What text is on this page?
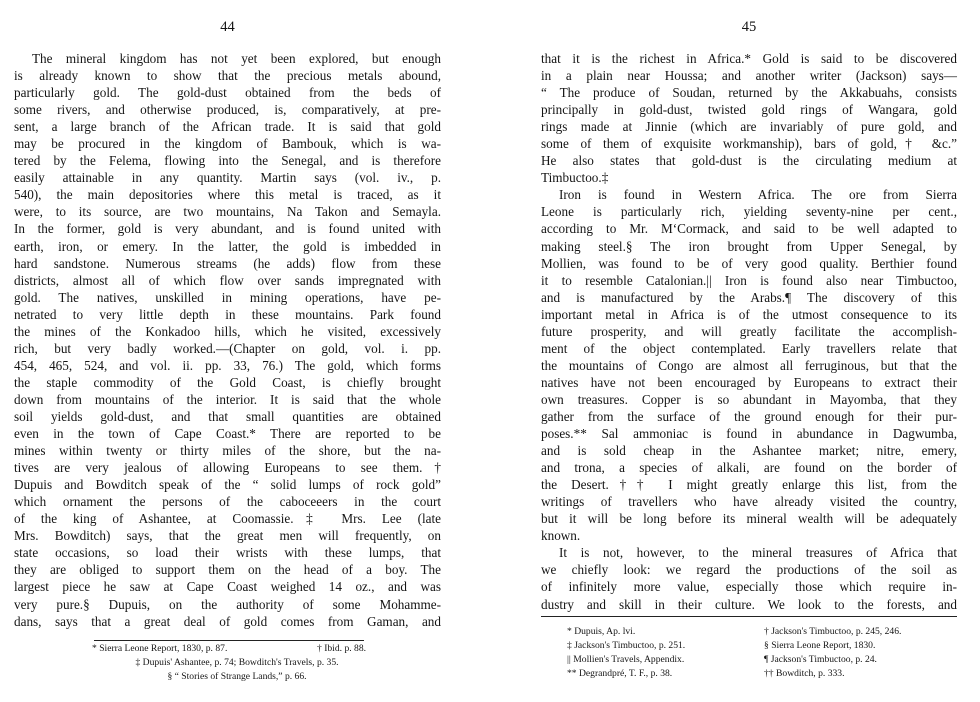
44
The mineral kingdom has not yet been explored, but enough
is already known to show that the precious metals abound,
particularly gold. The gold-dust obtained from the beds of
some rivers, and otherwise produced, is, comparatively, at pre-
sent, a large branch of the African trade. It is said that gold
may be procured in the kingdom of Bambouk, which is wa-
tered by the Felema, flowing into the Senegal, and is therefore
easily attainable in any quantity. Martin says (vol. iv., p.
540), the main depositories where this metal is traced, as it
were, to its source, are two mountains, Na Takon and Semayla.
In the former, gold is very abundant, and is found united with
earth, iron, or emery. In the latter, the gold is imbedded in
hard sandstone. Numerous streams (he adds) flow from these
districts, almost all of which flow over sands impregnated with
gold. The natives, unskilled in mining operations, have pe-
netrated to very little depth in these mountains. Park found
the mines of the Konkadoo hills, which he visited, excessively
rich, but very badly worked.—(Chapter on gold, vol. i. pp.
454, 465, 524, and vol. ii. pp. 33, 76.) The gold, which forms
the staple commodity of the Gold Coast, is chiefly brought
down from mountains of the interior. It is said that the whole
soil yields gold-dust, and that small quantities are obtained
even in the town of Cape Coast.* There are reported to be
mines within twenty or thirty miles of the shore, but the na-
tives are very jealous of allowing Europeans to see them.†
Dupuis and Bowditch speak of the “ solid lumps of rock gold”
which ornament the persons of the caboceeers in the court
of the king of Ashantee, at Coomassie.‡ Mrs. Lee (late
Mrs. Bowditch) says, that the great men will frequently, on
state occasions, so load their wrists with these lumps, that
they are obliged to support them on the head of a boy. The
largest piece he saw at Cape Coast weighed 14 oz., and was
very pure.§ Dupuis, on the authority of some Mohamme-
dans, says that a great deal of gold comes from Gaman, and
* Sierra Leone Report, 1830, p. 87.	† Ibid. p. 88.
‡ Dupuis' Ashantee, p. 74; Bowditch's Travels, p. 35.
§ “ Stories of Strange Lands,” p. 66.
45
that it is the richest in Africa.* Gold is said to be discovered
in a plain near Houssa; and another writer (Jackson) says—
“ The produce of Soudan, returned by the Akkabuahs, consists
principally in gold-dust, twisted gold rings of Wangara, gold
rings made at Jinnie (which are invariably of pure gold, and
some of them of exquisite workmanship), bars of gold,† &c.”
He also states that gold-dust is the circulating medium at
Timbuctoo.‡
Iron is found in Western Africa. The ore from Sierra
Leone is particularly rich, yielding seventy-nine per cent.,
according to Mr. M‘Cormack, and said to be well adapted to
making steel.§ The iron brought from Upper Senegal, by
Mollien, was found to be of very good quality. Berthier found
it to resemble Catalonian.|| Iron is found also near Timbuctoo,
and is manufactured by the Arabs.¶ The discovery of this
important metal in Africa is of the utmost consequence to its
future prosperity, and will greatly facilitate the accomplish-
ment of the object contemplated. Early travellers relate that
the mountains of Congo are almost all ferruginous, but that the
natives have not been encouraged by Europeans to extract their
own treasures. Copper is so abundant in Mayomba, that they
gather from the surface of the ground enough for their pur-
poses.** Sal ammoniac is found in abundance in Dagwumba,
and is sold cheap in the Ashantee market; nitre, emery,
and trona, a species of alkali, are found on the border of
the Desert.†† I might greatly enlarge this list, from the
writings of travellers who have already visited the country,
but it will be long before its mineral wealth will be adequately
known.
It is not, however, to the mineral treasures of Africa that
we chiefly look: we regard the productions of the soil as
of infinitely more value, especially those which require in-
dustry and skill in their culture. We look to the forests, and
* Dupuis, Ap. lvi.	† Jackson's Timbuctoo, p. 245, 246.
‡ Jackson's Timbuctoo, p. 251.	§ Sierra Leone Report, 1830.
|| Mollien's Travels, Appendix.	¶ Jackson's Timbuctoo, p. 24.
** Degrandpré, T. F., p. 38.	†† Bowditch, p. 333.
